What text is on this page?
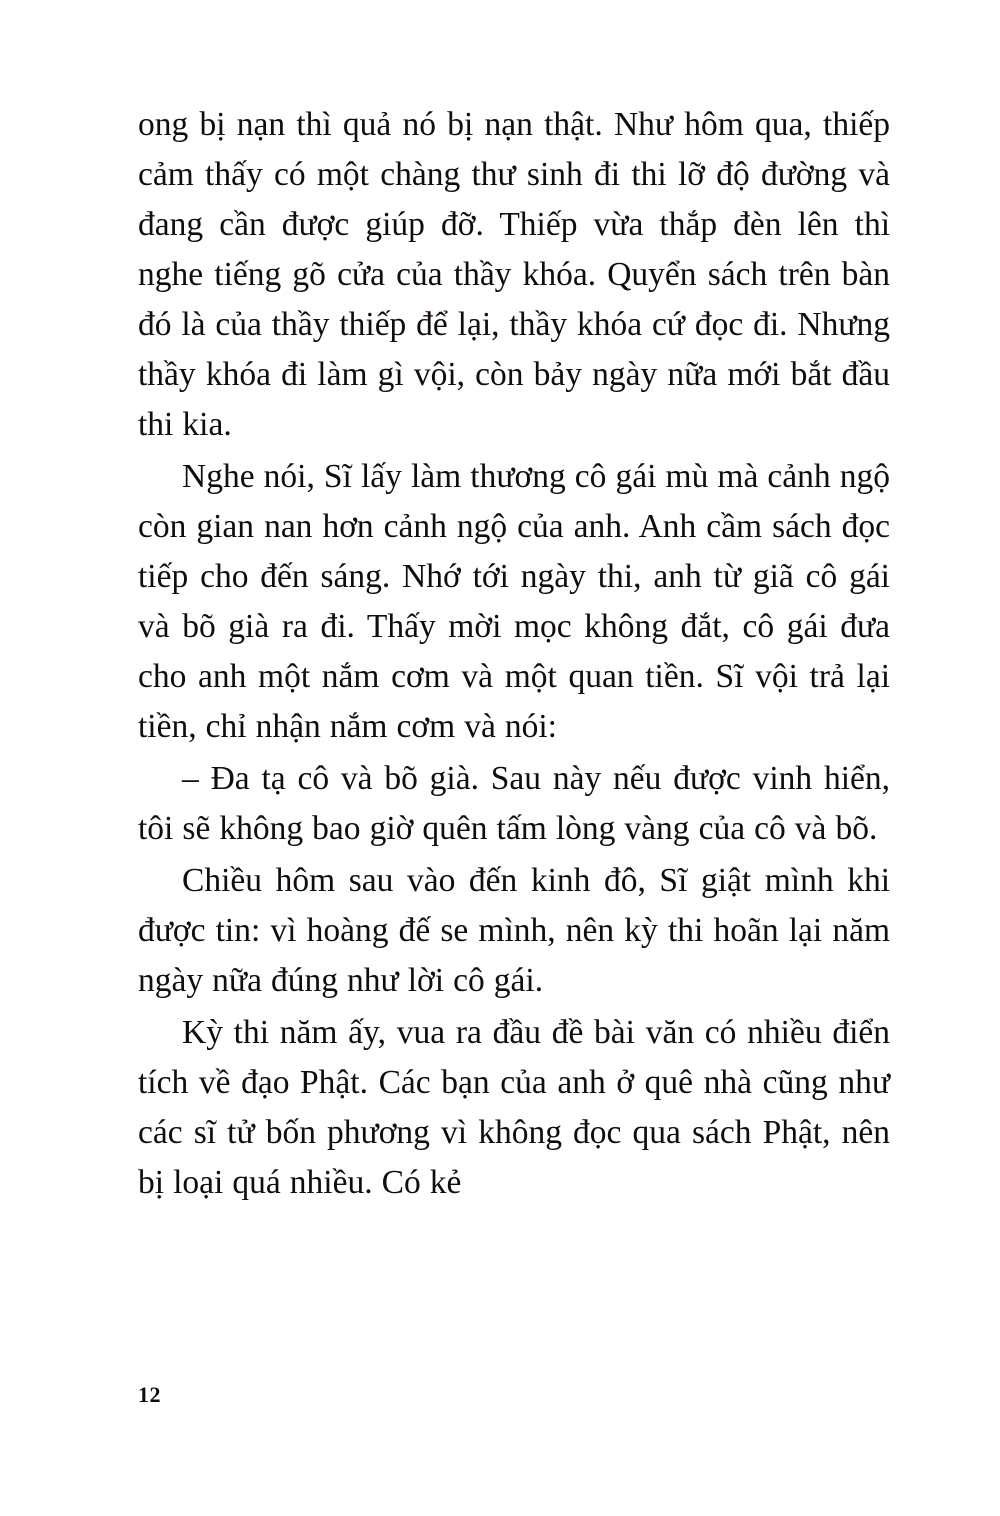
ong bị nạn thì quả nó bị nạn thật. Như hôm qua, thiếp cảm thấy có một chàng thư sinh đi thi lỡ độ đường và đang cần được giúp đỡ. Thiếp vừa thắp đèn lên thì nghe tiếng gõ cửa của thầy khóa. Quyển sách trên bàn đó là của thầy thiếp để lại, thầy khóa cứ đọc đi. Nhưng thầy khóa đi làm gì vội, còn bảy ngày nữa mới bắt đầu thi kia.

Nghe nói, Sĩ lấy làm thương cô gái mù mà cảnh ngộ còn gian nan hơn cảnh ngộ của anh. Anh cầm sách đọc tiếp cho đến sáng. Nhớ tới ngày thi, anh từ giã cô gái và bõ già ra đi. Thấy mời mọc không đắt, cô gái đưa cho anh một nắm cơm và một quan tiền. Sĩ vội trả lại tiền, chỉ nhận nắm cơm và nói:

– Đa tạ cô và bõ già. Sau này nếu được vinh hiển, tôi sẽ không bao giờ quên tấm lòng vàng của cô và bõ.

Chiều hôm sau vào đến kinh đô, Sĩ giật mình khi được tin: vì hoàng đế se mình, nên kỳ thi hoãn lại năm ngày nữa đúng như lời cô gái.

Kỳ thi năm ấy, vua ra đầu đề bài văn có nhiều điển tích về đạo Phật. Các bạn của anh ở quê nhà cũng như các sĩ tử bốn phương vì không đọc qua sách Phật, nên bị loại quá nhiều. Có kẻ

12
